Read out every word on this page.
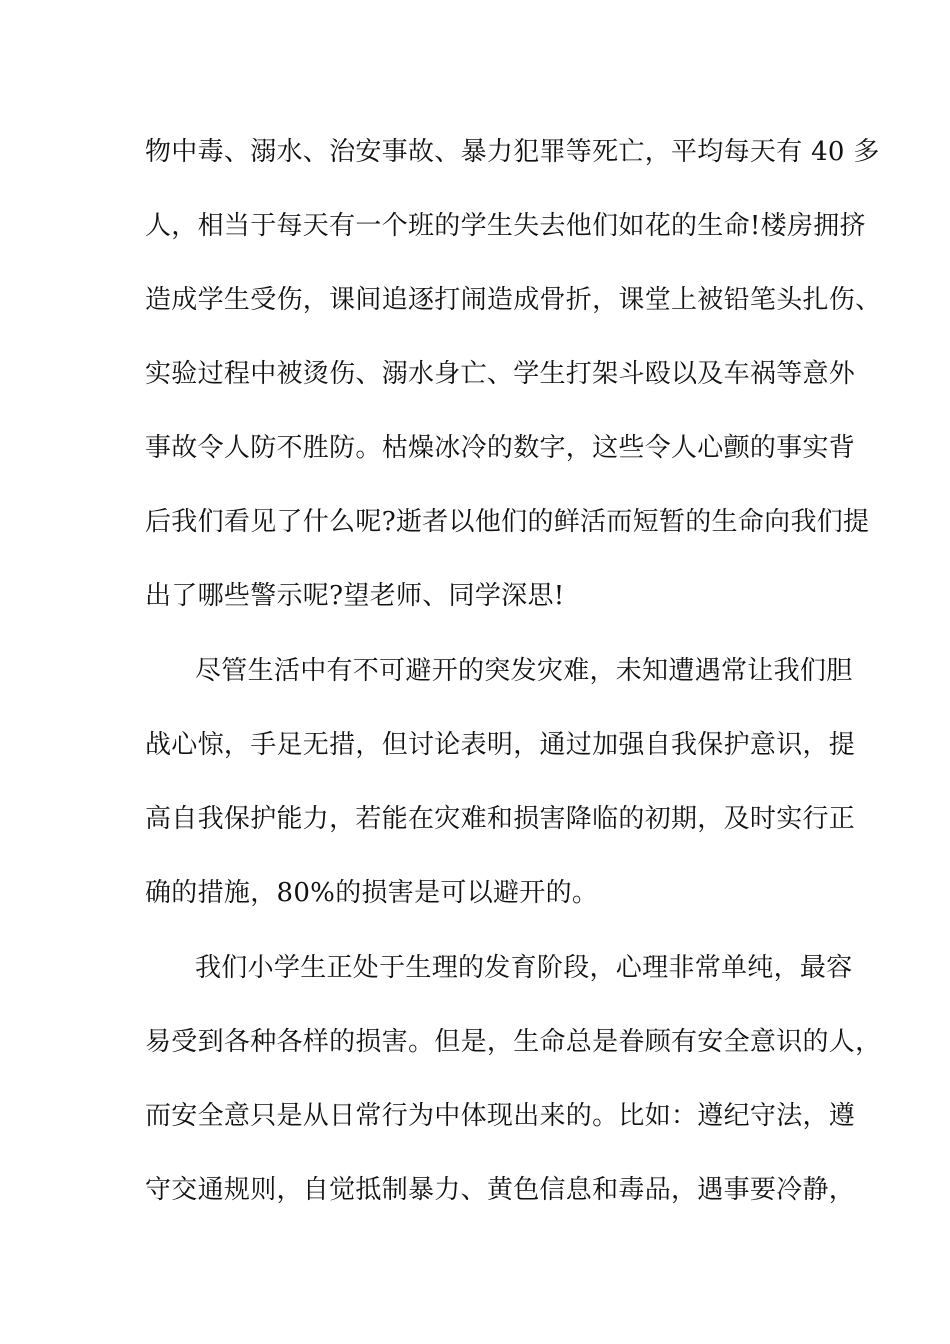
物中毒、溺水、治安事故、暴力犯罪等死亡，平均每天有 40 多
人，相当于每天有一个班的学生失去他们如花的生命!楼房拥挤
造成学生受伤，课间追逐打闹造成骨折，课堂上被铅笔头扎伤、
实验过程中被烫伤、溺水身亡、学生打架斗殴以及车祸等意外
事故令人防不胜防。枯燥冰冷的数字，这些令人心颤的事实背
后我们看见了什么呢?逝者以他们的鲜活而短暂的生命向我们提
出了哪些警示呢?望老师、同学深思!
尽管生活中有不可避开的突发灾难，未知遭遇常让我们胆
战心惊，手足无措，但讨论表明，通过加强自我保护意识，提
高自我保护能力，若能在灾难和损害降临的初期，及时实行正
确的措施，80%的损害是可以避开的。
我们小学生正处于生理的发育阶段，心理非常单纯，最容
易受到各种各样的损害。但是，生命总是眷顾有安全意识的人，
而安全意只是从日常行为中体现出来的。比如：遵纪守法，遵
守交通规则，自觉抵制暴力、黄色信息和毒品，遇事要冷静，
